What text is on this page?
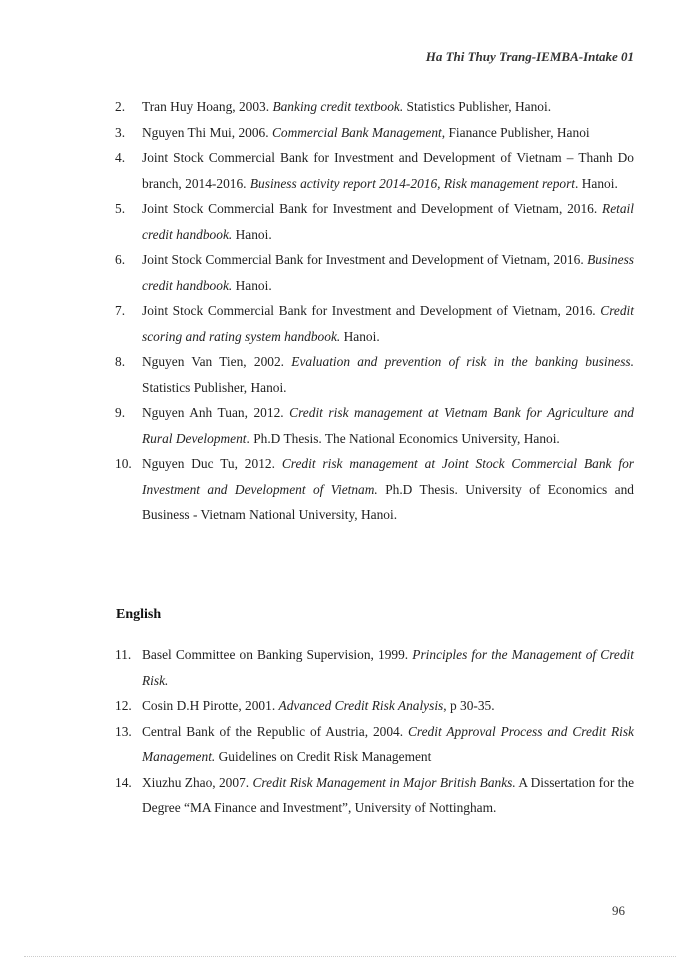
Ha Thi Thuy Trang-IEMBA-Intake 01
2. Tran Huy Hoang, 2003. Banking credit textbook. Statistics Publisher, Hanoi.
3. Nguyen Thi Mui, 2006. Commercial Bank Management, Fianance Publisher, Hanoi
4. Joint Stock Commercial Bank for Investment and Development of Vietnam – Thanh Do branch, 2014-2016. Business activity report 2014-2016, Risk management report. Hanoi.
5. Joint Stock Commercial Bank for Investment and Development of Vietnam, 2016. Retail credit handbook. Hanoi.
6. Joint Stock Commercial Bank for Investment and Development of Vietnam, 2016. Business credit handbook. Hanoi.
7. Joint Stock Commercial Bank for Investment and Development of Vietnam, 2016. Credit scoring and rating system handbook. Hanoi.
8. Nguyen Van Tien, 2002. Evaluation and prevention of risk in the banking business. Statistics Publisher, Hanoi.
9. Nguyen Anh Tuan, 2012. Credit risk management at Vietnam Bank for Agriculture and Rural Development. Ph.D Thesis. The National Economics University, Hanoi.
10. Nguyen Duc Tu, 2012. Credit risk management at Joint Stock Commercial Bank for Investment and Development of Vietnam. Ph.D Thesis. University of Economics and Business - Vietnam National University, Hanoi.
English
11. Basel Committee on Banking Supervision, 1999. Principles for the Management of Credit Risk.
12. Cosin D.H Pirotte, 2001. Advanced Credit Risk Analysis, p 30-35.
13. Central Bank of the Republic of Austria, 2004. Credit Approval Process and Credit Risk Management. Guidelines on Credit Risk Management
14. Xiuzhu Zhao, 2007. Credit Risk Management in Major British Banks. A Dissertation for the Degree “MA Finance and Investment”, University of Nottingham.
96
